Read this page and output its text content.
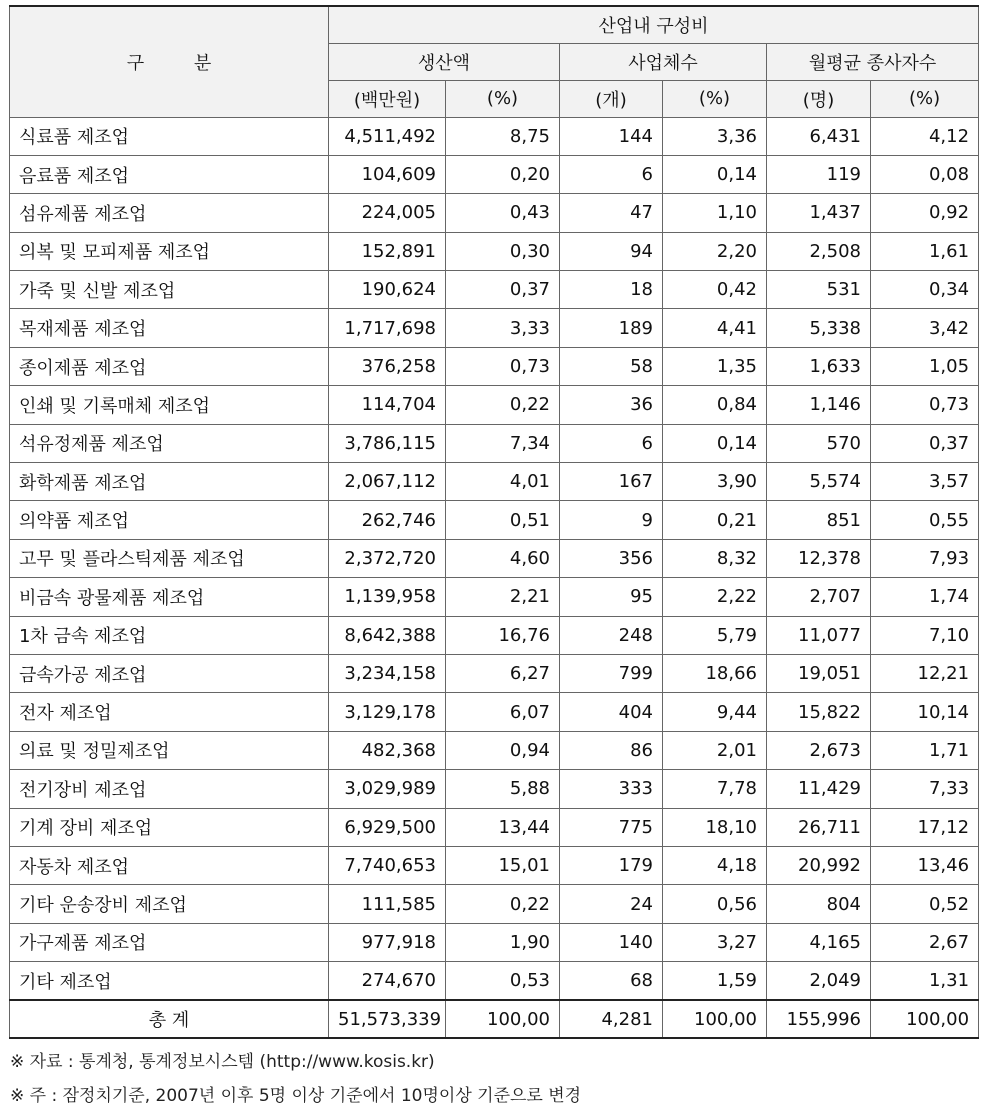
구 분	산업내 구성비					
	생산액		사업체수		월평균 종사자수	
	(백만원)	(%)	(개)	(%)	(명)	(%)
식료품 제조업	4,511,492	8,75	144	3,36	6,431	4,12
음료품 제조업	104,609	0,20	6	0,14	119	0,08
섬유제품 제조업	224,005	0,43	47	1,10	1,437	0,92
의복 및 모피제품 제조업	152,891	0,30	94	2,20	2,508	1,61
가죽 및 신발 제조업	190,624	0,37	18	0,42	531	0,34
목재제품 제조업	1,717,698	3,33	189	4,41	5,338	3,42
종이제품 제조업	376,258	0,73	58	1,35	1,633	1,05
인쇄 및 기록매체 제조업	114,704	0,22	36	0,84	1,146	0,73
석유정제품 제조업	3,786,115	7,34	6	0,14	570	0,37
화학제품 제조업	2,067,112	4,01	167	3,90	5,574	3,57
의약품 제조업	262,746	0,51	9	0,21	851	0,55
고무 및 플라스틱제품 제조업	2,372,720	4,60	356	8,32	12,378	7,93
비금속 광물제품 제조업	1,139,958	2,21	95	2,22	2,707	1,74
1차 금속 제조업	8,642,388	16,76	248	5,79	11,077	7,10
금속가공 제조업	3,234,158	6,27	799	18,66	19,051	12,21
전자 제조업	3,129,178	6,07	404	9,44	15,822	10,14
의료 및 정밀제조업	482,368	0,94	86	2,01	2,673	1,71
전기장비 제조업	3,029,989	5,88	333	7,78	11,429	7,33
기계 장비 제조업	6,929,500	13,44	775	18,10	26,711	17,12
자동차 제조업	7,740,653	15,01	179	4,18	20,992	13,46
기타 운송장비 제조업	111,585	0,22	24	0,56	804	0,52
가구제품 제조업	977,918	1,90	140	3,27	4,165	2,67
기타 제조업	274,670	0,53	68	1,59	2,049	1,31
총 계	51,573,339	100,00	4,281	100,00	155,996	100,00

※ 자료 : 통계청, 통계정보시스템 (http://www.kosis.kr)

※ 주 : 잠정치기준, 2007년 이후 5명 이상 기준에서 10명이상 기준으로 변경
